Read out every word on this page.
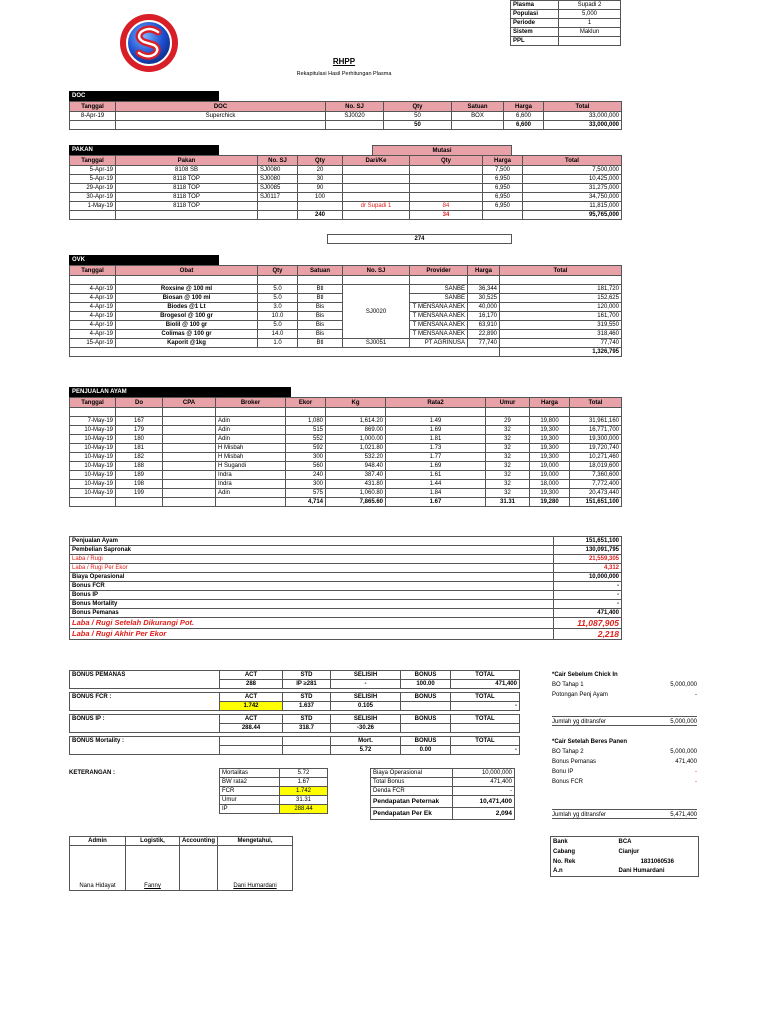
Plasma	Supadi 2
Populasi	5,000
Periode	1
Sistem	Maklun
PPL	
RHPP
Rekapitulasi Hasil Perhitungan Plasma
DOC
Tanggal	DOC	No. SJ	Qty	Satuan	Harga	Total
8-Apr-19	Superchick	SJ0020	50	BOX	6,600	33,000,000
			50		6,600	33,000,000
PAKAN	Mutasi
Tanggal	Pakan	No. SJ	Qty	Dari/Ke	Qty	Harga	Total
5-Apr-19	8108 SB	SJ0080	20			7,500	7,500,000
5-Apr-19	8118 TOP	SJ0080	30			6,950	10,425,000
29-Apr-19	8118 TOP	SJ0085	90			6,950	31,275,000
30-Apr-19	8118 TOP	SJ0117	100			6,950	34,750,000
1-May-19	8118 TOP			dr Supadi 1	84	6,950	11,815,000
			240		34		95,765,000
274
OVK
Tanggal	Obat	Qty	Satuan	No. SJ	Provider	Harga	Total

4-Apr-19	Roxsine @ 100 ml	5.0	Btl	SJ0020	SANBE	36,344	181,720
4-Apr-19	Biosan @ 100 ml	5.0	Btl		SANBE	30,525	152,625
4-Apr-19	Biodes @1 Lt	3.0	Bis		T MENSANA ANEK	40,000	120,000
4-Apr-19	Brogesol @ 100 gr	10.0	Bis		T MENSANA ANEK	16,170	161,700
4-Apr-19	Biolil @ 100 gr	5.0	Bis		T MENSANA ANEK	63,910	319,550
4-Apr-19	Colimas @ 100 gr	14.0	Bis		T MENSANA ANEK	22,890	318,460
15-Apr-19	Kaporit @1kg	1.0	Btl	SJ0051	PT AGRINUSA	77,740	77,740
							1,326,795
PENJUALAN AYAM
Tanggal	Do	CPA	Broker	Ekor	Kg	Rata2	Umur	Harga	Total

7-May-19	167		Adin	1,080	1,614.20	1.49	29	19,800	31,961,160
10-May-19	179		Adin	515	869.00	1.69	32	19,300	16,771,700
10-May-19	180		Adin	552	1,000.00	1.81	32	19,300	19,300,000
10-May-19	181		H Misbah	592	1,021.80	1.73	32	19,300	19,720,740
10-May-19	182		H Misbah	300	532.20	1.77	32	19,300	10,271,460
10-May-19	188		H Sugandi	560	948.40	1.69	32	19,000	18,019,600
10-May-19	189		Indra	240	387.40	1.61	32	19,000	7,360,600
10-May-19	198		Indra	300	431.80	1.44	32	18,000	7,772,400
10-May-19	199		Adin	575	1,060.80	1.84	32	19,300	20,473,440
				4,714	7,865.60	1.67	31.31	19,280	151,651,100
Penjualan Ayam	151,651,100
Pembelian Sapronak	130,091,795
Laba / Rugi	21,559,305
Laba / Rugi Per Ekor	4,312
Biaya Operasional	10,000,000
Bonus FCR	-
Bonus IP	-
Bonus Mortality	-
Bonus Pemanas	471,400
Laba / Rugi Setelah Dikurangi Pot.	11,087,905
Laba / Rugi Akhir Per Ekor	2,218
BONUS PEMANAS	ACT	STD	SELISIH	BONUS	TOTAL
	288	IP ≥281	-	100.00	471,400
BONUS FCR :	ACT	STD	SELISIH	BONUS	TOTAL
	1.742	1.637	0.105		-
BONUS IP :	ACT	STD	SELISIH	BONUS	TOTAL
	288.44	318.7	-30.26		
BONUS Mortality :			Mort.	BONUS	TOTAL
			5.72	0.00	-
*Cair Sebelum Chick In
BO Tahap 1	5,000,000
Potongan Penj Ayam	-
Jumlah yg ditransfer	5,000,000
*Cair Setelah Beres Panen
BO Tahap 2	5,000,000
Bonus Pemanas	471,400
Bonu IP	-
Bonus FCR	-
Jumlah yg ditransfer	5,471,400
KETERANGAN :	Mortalitas	5.72
BW rata2	1.67
FCR	1.742
Umur	31.31
IP	288.44
Biaya Operasional	10,000,000
Total Bonus	471,400
Denda FCR	-
Pendapatan Peternak	10,471,400
Pendapatan Per Ek	2,094
Admin	Logistik,	Accounting	Mengetahui,
Nana Hidayat	Fanny		Dani Humardani
Bank	BCA
Cabang	Cianjur
No. Rek	1831060536
A.n	Dani Humardani
